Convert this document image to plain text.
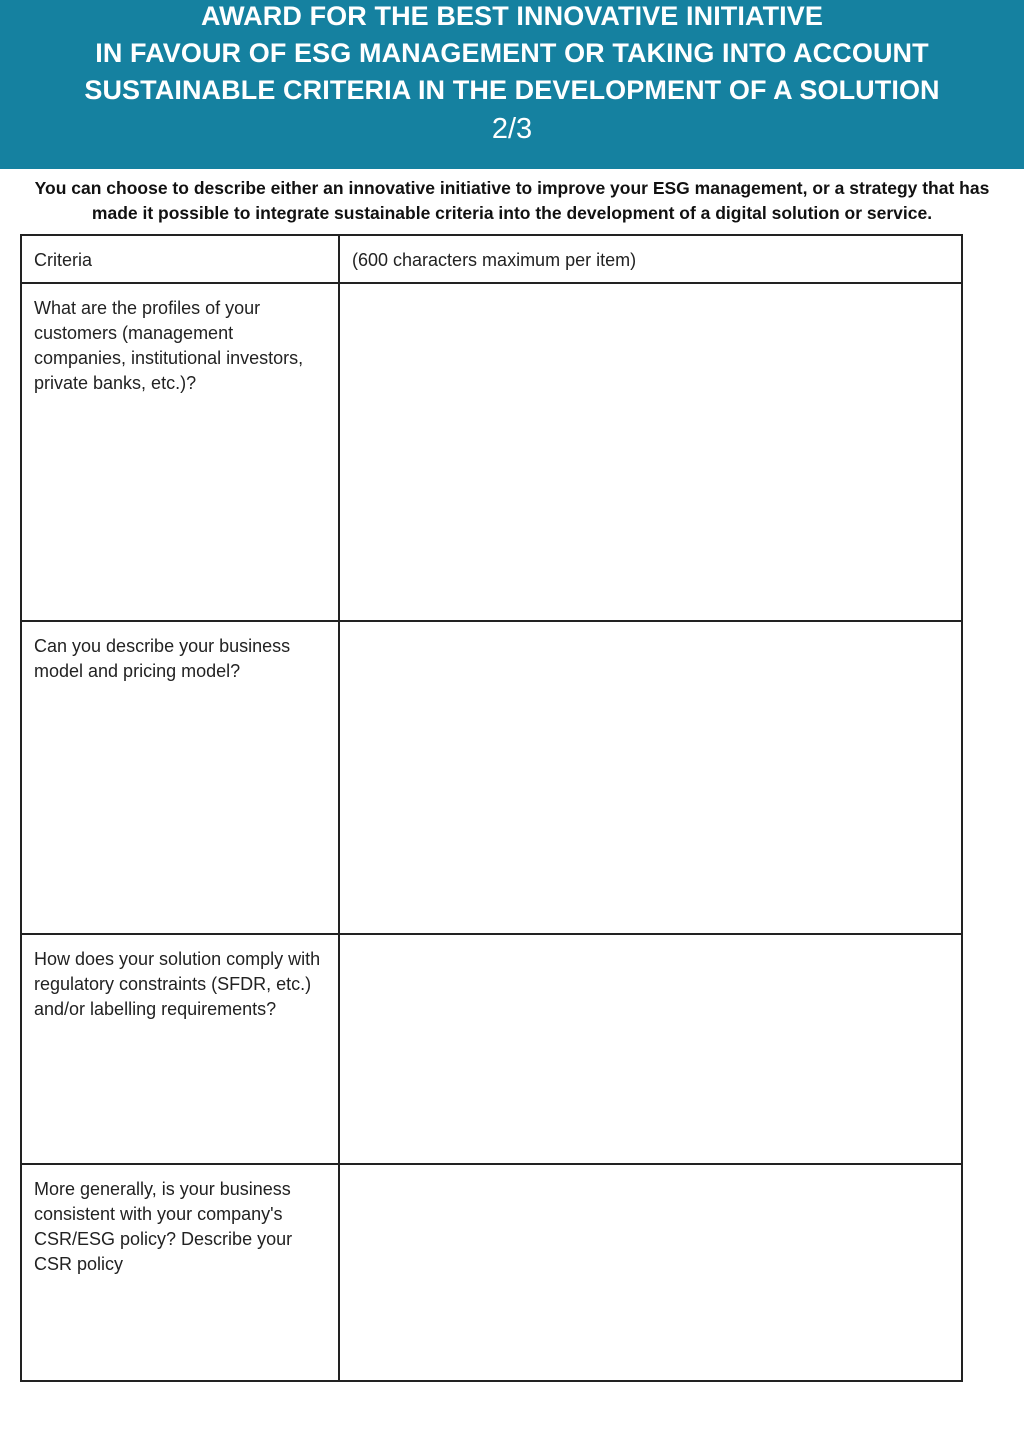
AWARD FOR THE BEST INNOVATIVE INITIATIVE
IN FAVOUR OF ESG MANAGEMENT OR TAKING INTO ACCOUNT
SUSTAINABLE CRITERIA IN THE DEVELOPMENT OF A SOLUTION
2/3
You can choose to describe either an innovative initiative to improve your ESG management, or a strategy that has made it possible to integrate sustainable criteria into the development of a digital solution or service.
Criteria	(600 characters maximum per item)
What are the profiles of your customers (management companies, institutional investors, private banks, etc.)?	
Can you describe your business model and pricing model?	
How does your solution comply with regulatory constraints (SFDR, etc.) and/or labelling requirements?	
More generally, is your business consistent with your company's CSR/ESG policy? Describe your CSR policy	
